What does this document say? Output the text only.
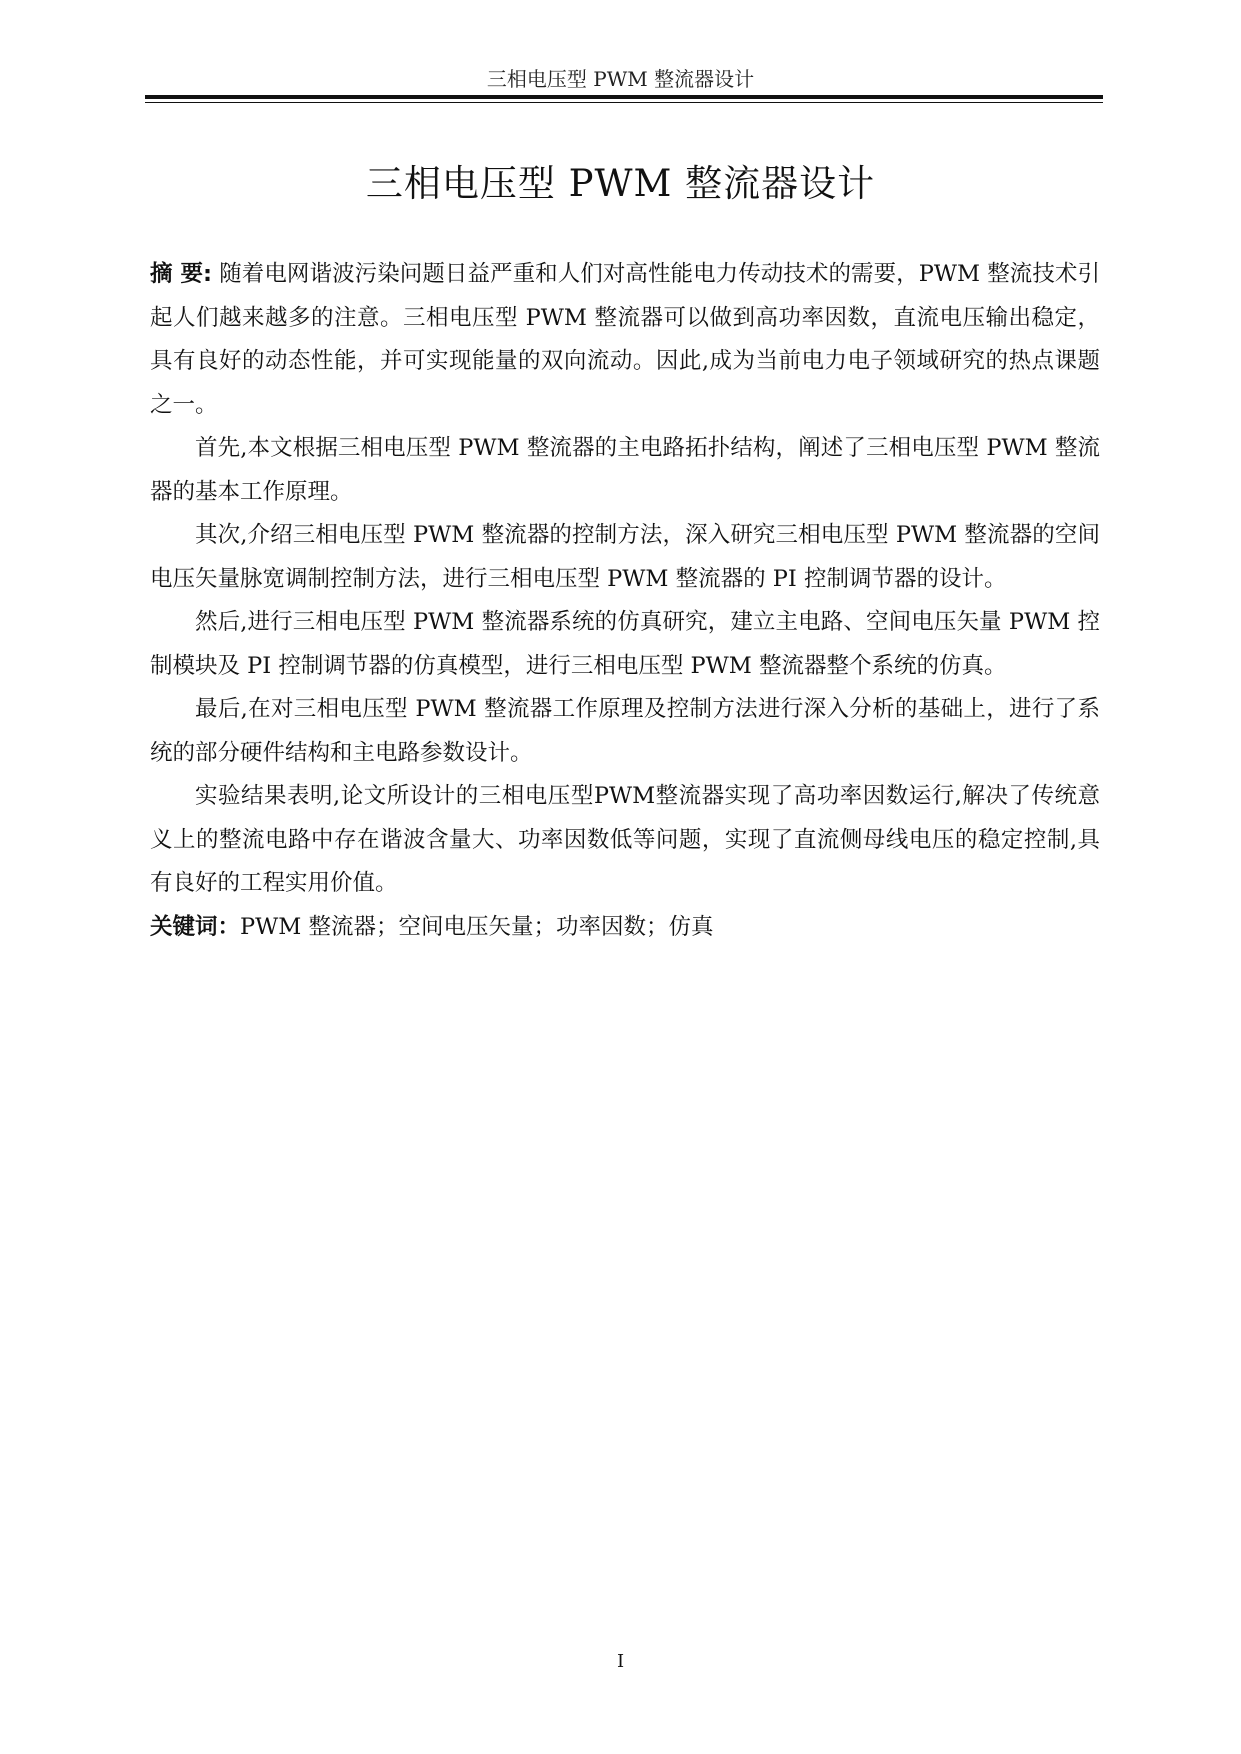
三相电压型 PWM 整流器设计
三相电压型 PWM 整流器设计

摘 要: 随着电网谐波污染问题日益严重和人们对高性能电力传动技术的需要，PWM 整流技术引起人们越来越多的注意。三相电压型 PWM 整流器可以做到高功率因数，直流电压输出稳定，具有良好的动态性能，并可实现能量的双向流动。因此,成为当前电力电子领域研究的热点课题之一。

首先,本文根据三相电压型 PWM 整流器的主电路拓扑结构，阐述了三相电压型 PWM 整流器的基本工作原理。

其次,介绍三相电压型 PWM 整流器的控制方法，深入研究三相电压型 PWM 整流器的空间电压矢量脉宽调制控制方法，进行三相电压型 PWM 整流器的 PI 控制调节器的设计。

然后,进行三相电压型 PWM 整流器系统的仿真研究，建立主电路、空间电压矢量 PWM 控制模块及 PI 控制调节器的仿真模型，进行三相电压型 PWM 整流器整个系统的仿真。

最后,在对三相电压型 PWM 整流器工作原理及控制方法进行深入分析的基础上，进行了系统的部分硬件结构和主电路参数设计。

实验结果表明,论文所设计的三相电压型PWM整流器实现了高功率因数运行,解决了传统意义上的整流电路中存在谐波含量大、功率因数低等问题，实现了直流侧母线电压的稳定控制,具有良好的工程实用价值。

关键词：PWM 整流器；空间电压矢量；功率因数；仿真

I
